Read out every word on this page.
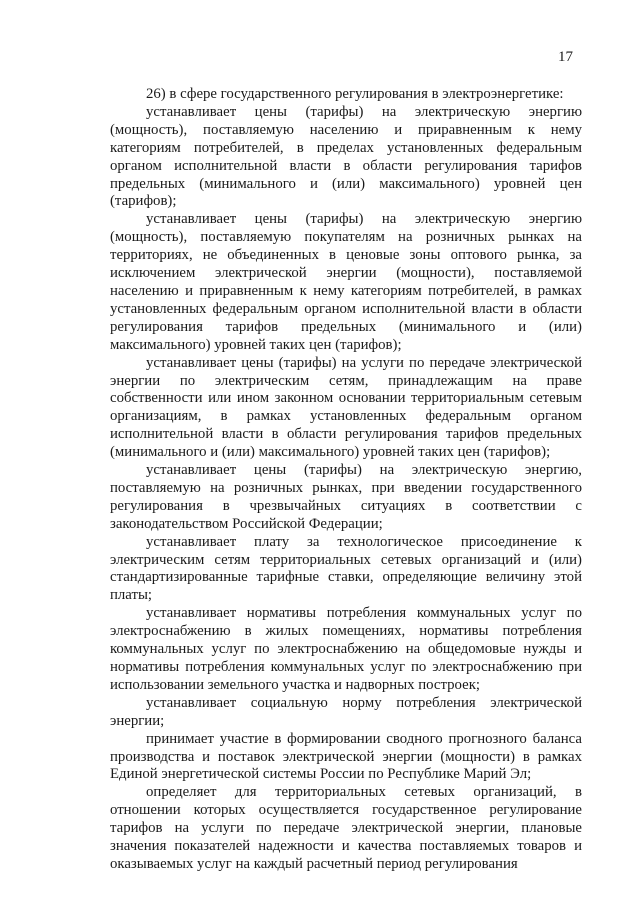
17

26) в сфере государственного регулирования в электроэнергетике:

устанавливает цены (тарифы) на электрическую энергию (мощность), поставляемую населению и приравненным к нему категориям потребителей, в пределах установленных федеральным органом исполнительной власти в области регулирования тарифов предельных (минимального и (или) максимального) уровней цен (тарифов);

устанавливает цены (тарифы) на электрическую энергию (мощность), поставляемую покупателям на розничных рынках на территориях, не объединенных в ценовые зоны оптового рынка, за исключением электрической энергии (мощности), поставляемой населению и приравненным к нему категориям потребителей, в рамках установленных федеральным органом исполнительной власти в области регулирования тарифов предельных (минимального и (или) максимального) уровней таких цен (тарифов);

устанавливает цены (тарифы) на услуги по передаче электрической энергии по электрическим сетям, принадлежащим на праве собственности или ином законном основании территориальным сетевым организациям, в рамках установленных федеральным органом исполнительной власти в области регулирования тарифов предельных (минимального и (или) максимального) уровней таких цен (тарифов);

устанавливает цены (тарифы) на электрическую энергию, поставляемую на розничных рынках, при введении государственного регулирования в чрезвычайных ситуациях в соответствии с законодательством Российской Федерации;

устанавливает плату за технологическое присоединение к электрическим сетям территориальных сетевых организаций и (или) стандартизированные тарифные ставки, определяющие величину этой платы;

устанавливает нормативы потребления коммунальных услуг по электроснабжению в жилых помещениях, нормативы потребления коммунальных услуг по электроснабжению на общедомовые нужды и нормативы потребления коммунальных услуг по электроснабжению при использовании земельного участка и надворных построек;

устанавливает социальную норму потребления электрической энергии;

принимает участие в формировании сводного прогнозного баланса производства и поставок электрической энергии (мощности) в рамках Единой энергетической системы России по Республике Марий Эл;

определяет для территориальных сетевых организаций, в отношении которых осуществляется государственное регулирование тарифов на услуги по передаче электрической энергии, плановые значения показателей надежности и качества поставляемых товаров и оказываемых услуг на каждый расчетный период регулирования
